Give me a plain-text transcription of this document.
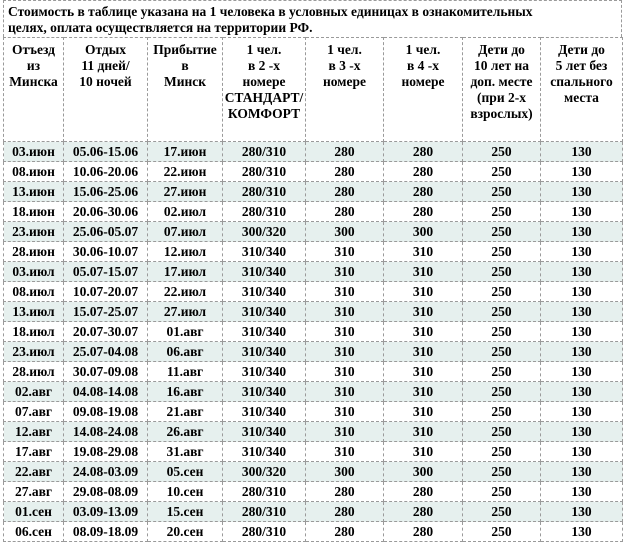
Стоимость в таблице указана на 1 человека в условных единицах в ознакомительных
целях, оплата осуществляется на территории РФ.
Отъезд
из
Минска	Отдых
11 дней/
10 ночей	Прибытие
в
Минск	1 чел.
в 2 -х
номере
СТАНДАРТ/
КОМФОРТ	1 чел.
в 3 -х
номере	1 чел.
в 4 -х
номере	Дети до
10 лет на
доп. месте
(при 2-х
взрослых)	Дети до
5 лет без
спального
места

03.июн	05.06-15.06	17.июн	280/310	280	280	250	130
08.июн	10.06-20.06	22.июн	280/310	280	280	250	130
13.июн	15.06-25.06	27.июн	280/310	280	280	250	130
18.июн	20.06-30.06	02.июл	280/310	280	280	250	130
23.июн	25.06-05.07	07.июл	300/320	300	300	250	130
28.июн	30.06-10.07	12.июл	310/340	310	310	250	130
03.июл	05.07-15.07	17.июл	310/340	310	310	250	130
08.июл	10.07-20.07	22.июл	310/340	310	310	250	130
13.июл	15.07-25.07	27.июл	310/340	310	310	250	130
18.июл	20.07-30.07	01.авг	310/340	310	310	250	130
23.июл	25.07-04.08	06.авг	310/340	310	310	250	130
28.июл	30.07-09.08	11.авг	310/340	310	310	250	130
02.авг	04.08-14.08	16.авг	310/340	310	310	250	130
07.авг	09.08-19.08	21.авг	310/340	310	310	250	130
12.авг	14.08-24.08	26.авг	310/340	310	310	250	130
17.авг	19.08-29.08	31.авг	310/340	310	310	250	130
22.авг	24.08-03.09	05.сен	300/320	300	300	250	130
27.авг	29.08-08.09	10.сен	280/310	280	280	250	130
01.сен	03.09-13.09	15.сен	280/310	280	280	250	130
06.сен	08.09-18.09	20.сен	280/310	280	280	250	130
